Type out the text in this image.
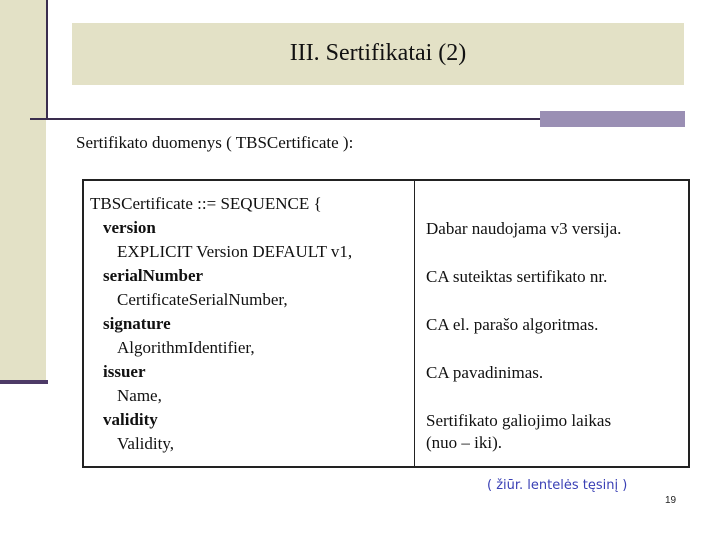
III. Sertifikatai (2)
Sertifikato duomenys ( TBSCertificate ):
TBSCertificate ::= SEQUENCE {
version
EXPLICIT Version DEFAULT v1,
serialNumber
CertificateSerialNumber,
signature
AlgorithmIdentifier,
issuer
Name,
validity
Validity,
Dabar naudojama v3 versija.
CA suteiktas sertifikato nr.
CA el. parašo algoritmas.
CA pavadinimas.
Sertifikato galiojimo laikas
(nuo – iki).
( žiūr. lentelės tęsinį )
19
